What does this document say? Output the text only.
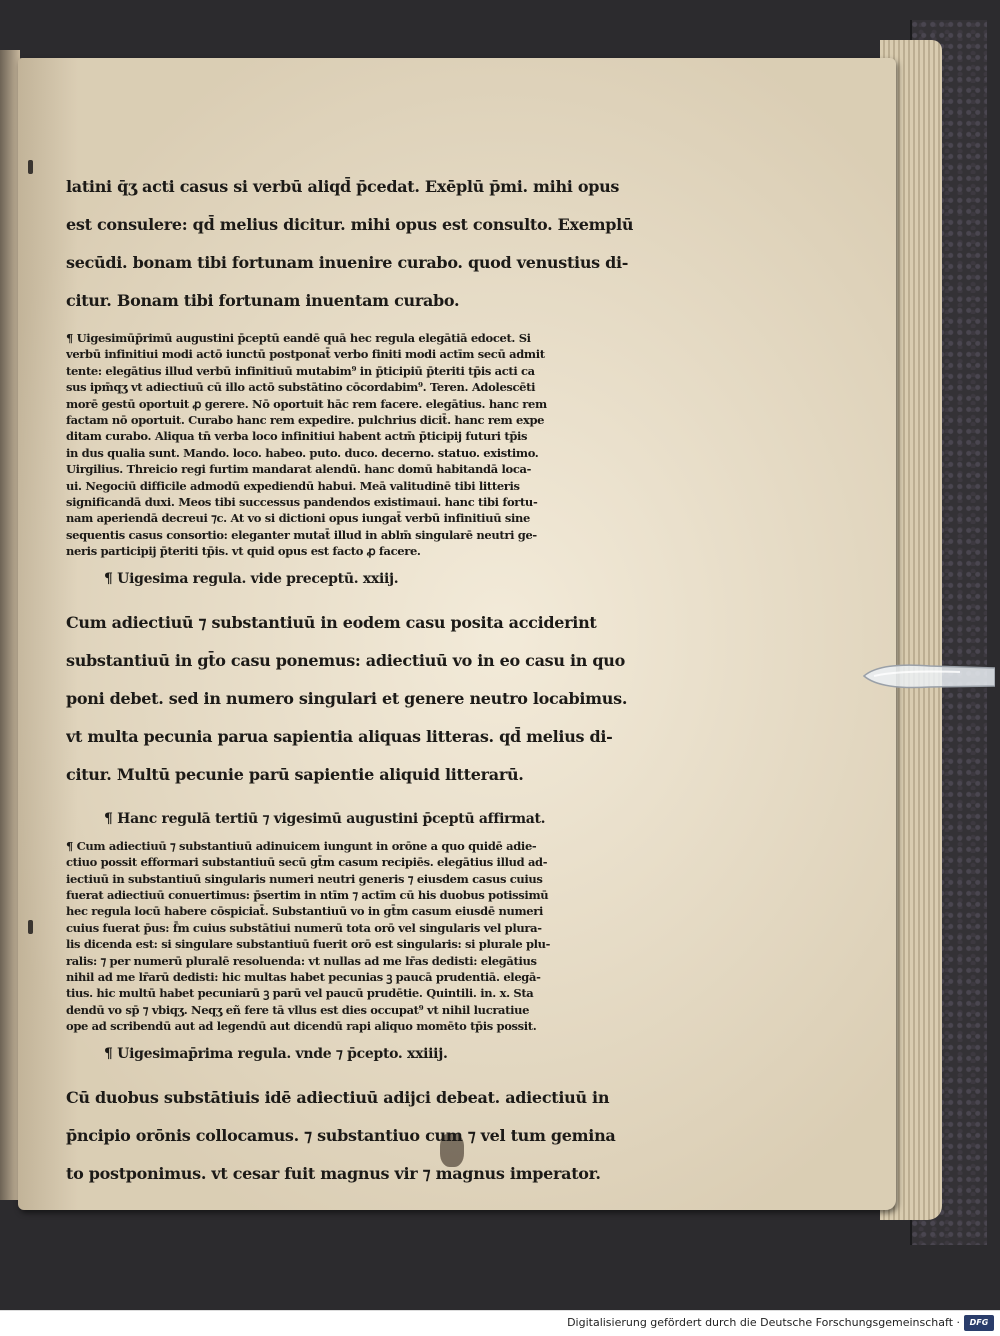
latini q̄ʒ acti casus si verbū aliqd̄ p̄cedat. Exēplū p̄mi. mihi opus
est consulere: qd̄ melius dicitur. mihi opus est consulto. Exemplū
secūdi. bonam tibi fortunam inuenire curabo. quod venustius di-
citur. Bonam tibi fortunam inuentam curabo.
¶ Uigesimūp̄rimū augustini p̄ceptū eandē quā hec regula elegātiā edocet. Si
verbū infinitiui modi actō iunctū postponat̄ verbo finiti modi actīm secū admit
tente: elegātius illud verbū infinitiuū mutabim⁹ in p̄ticipiū p̄teriti tp̄is acti ca
sus ipm̄qʒ vt adiectiuū cū illo actō substātino cōcordabim⁹. Teren. Adolescēti
morē gestū oportuit ꝓ gerere. Nō oportuit hāc rem facere. elegātius. hanc rem
factam nō oportuit. Curabo hanc rem expedire. pulchrius dicit̄. hanc rem expe
ditam curabo. Aliqua tn̄ verba loco infinitiui habent actm̄ p̄ticipij futuri tp̄is
in dus qualia sunt. Mando. loco. habeo. puto. duco. decerno. statuo. existimo.
Uirgilius. Threicio regi furtim mandarat alendū. hanc domū habitandā loca-
ui. Negociū difficile admodū expediendū habui. Meā valitudinē tibi litteris
significandā duxi. Meos tibi successus pandendos existimaui. hanc tibi fortu-
nam aperiendā decreui ⁊c. At vo si dictioni opus iungat̄ verbū infinitiuū sine
sequentis casus consortio: eleganter mutat̄ illud in ablm̄ singularē neutri ge-
neris participij p̄teriti tp̄is. vt quid opus est facto ꝓ facere.
¶ Uigesima regula. vide preceptū. xxiij.
Cum adiectiuū ⁊ substantiuū in eodem casu posita acciderint
substantiuū in gt̄o casu ponemus: adiectiuū vo in eo casu in quo
poni debet. sed in numero singulari et genere neutro locabimus.
vt multa pecunia parua sapientia aliquas litteras. qd̄ melius di-
citur. Multū pecunie parū sapientie aliquid litterarū.
¶ Hanc regulā tertiū ⁊ vigesimū augustini p̄ceptū affirmat.
¶ Cum adiectiuū ⁊ substantiuū adinuicem iungunt in orōne a quo quidē adie-
ctiuo possit efformari substantiuū secū gt̄m casum recipiēs. elegātius illud ad-
iectiuū in substantiuū singularis numeri neutri generis ⁊ eiusdem casus cuius
fuerat adiectiuū conuertimus: p̄sertim in ntīm ⁊ actīm cū his duobus potissimū
hec regula locū habere cōspiciat̄. Substantiuū vo in gt̄m casum eiusdē numeri
cuius fuerat p̄us: f̄m cuius substātiui numerū tota orō vel singularis vel plura-
lis dicenda est: si singulare substantiuū fuerit orō est singularis: si plurale plu-
ralis: ⁊ per numerū pluralē resoluenda: vt nullas ad me lr̄as dedisti: elegātius
nihil ad me lr̄arū dedisti: hic multas habet pecunias ꝫ paucā prudentiā. elegā-
tius. hic multū habet pecuniarū ꝫ parū vel paucū prudētie. Quintili. in. x. Sta
dendū vo sp̄ ⁊ vbiqʒ. Neqʒ eñ fere tā vllus est dies occupat⁹ vt nihil lucratiue
ope ad scribendū aut ad legendū aut dicendū rapi aliquo momēto tp̄is possit.
¶ Uigesimap̄rima regula. vnde ⁊ p̄cepto. xxiiij.
Cū duobus substātiuis idē adiectiuū adijci debeat. adiectiuū in
p̄ncipio orōnis collocamus. ⁊ substantiuo cum ⁊ vel tum gemina
to postponimus. vt cesar fuit magnus vir ⁊ magnus imperator.
Digitalisierung gefördert durch die Deutsche Forschungsgemeinschaft ·	DFG
